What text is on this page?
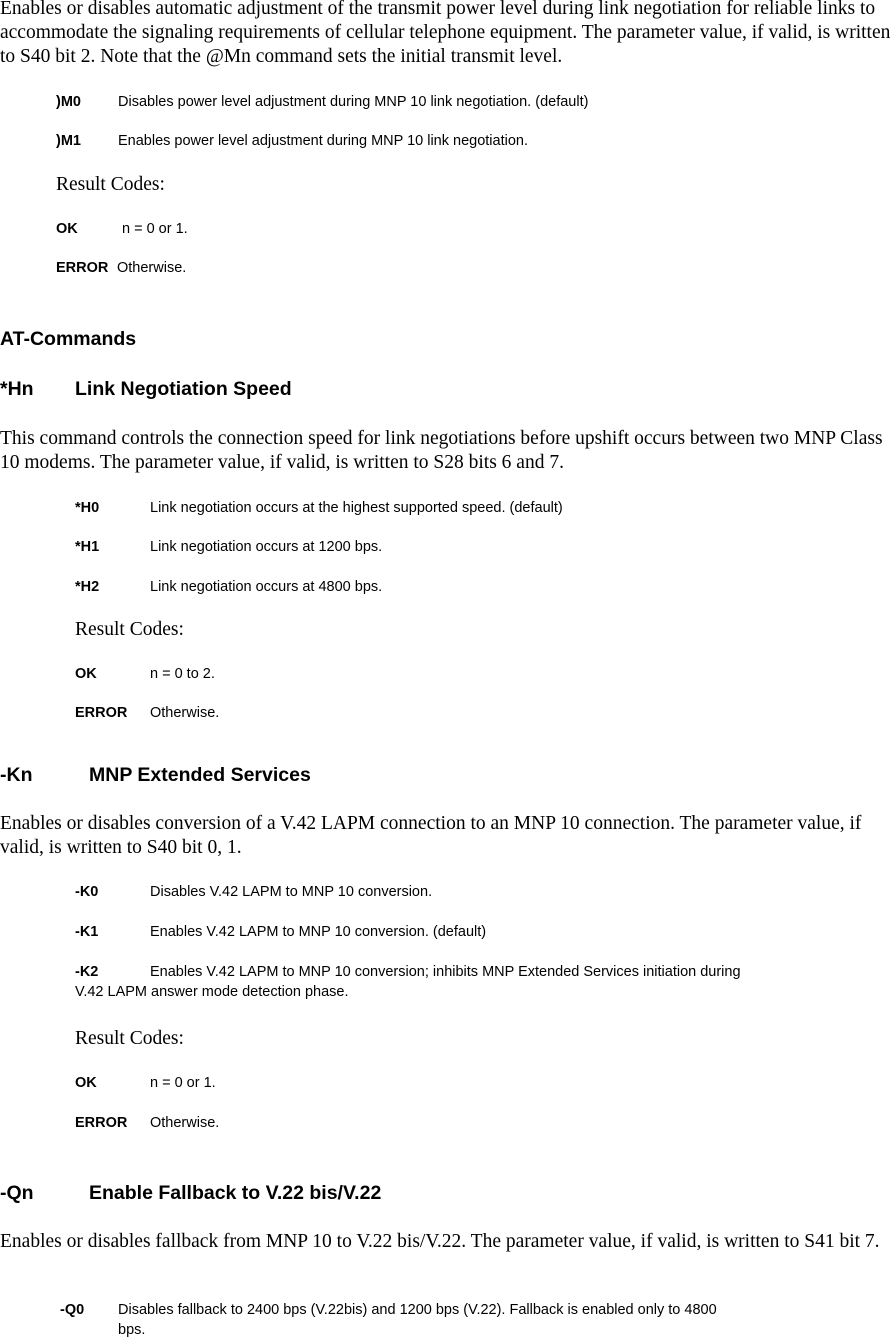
Enables or disables automatic adjustment of the transmit power level during link negotiation for reliable links to accommodate the signaling requirements of cellular telephone equipment. The parameter value, if valid, is written to S40 bit 2. Note that the @Mn command sets the initial transmit level.

)M0	Disables power level adjustment during MNP 10 link negotiation. (default)
)M1	Enables power level adjustment during MNP 10 link negotiation.
Result Codes:
OK	n = 0 or 1.
ERROR Otherwise.
AT-Commands
*Hn Link Negotiation Speed

This command controls the connection speed for link negotiations before upshift occurs between two MNP Class 10 modems. The parameter value, if valid, is written to S28 bits 6 and 7.

*H0	Link negotiation occurs at the highest supported speed. (default)
*H1	Link negotiation occurs at 1200 bps.
*H2	Link negotiation occurs at 4800 bps.
Result Codes:
OK	n = 0 to 2.
ERROR Otherwise.
-Kn	MNP Extended Services

Enables or disables conversion of a V.42 LAPM connection to an MNP 10 connection. The parameter value, if valid, is written to S40 bit 0, 1.

-K0	Disables V.42 LAPM to MNP 10 conversion.
-K1	Enables V.42 LAPM to MNP 10 conversion. (default)
-K2	Enables V.42 LAPM to MNP 10 conversion; inhibits MNP Extended Services initiation during
V.42 LAPM answer mode detection phase.
Result Codes:
OK	n = 0 or 1.
ERROR Otherwise.
-Qn	Enable Fallback to V.22 bis/V.22

Enables or disables fallback from MNP 10 to V.22 bis/V.22. The parameter value, if valid, is written to S41 bit 7.

-Q0 Disables fallback to 2400 bps (V.22bis) and 1200 bps (V.22). Fallback is enabled only to 4800
bps.
